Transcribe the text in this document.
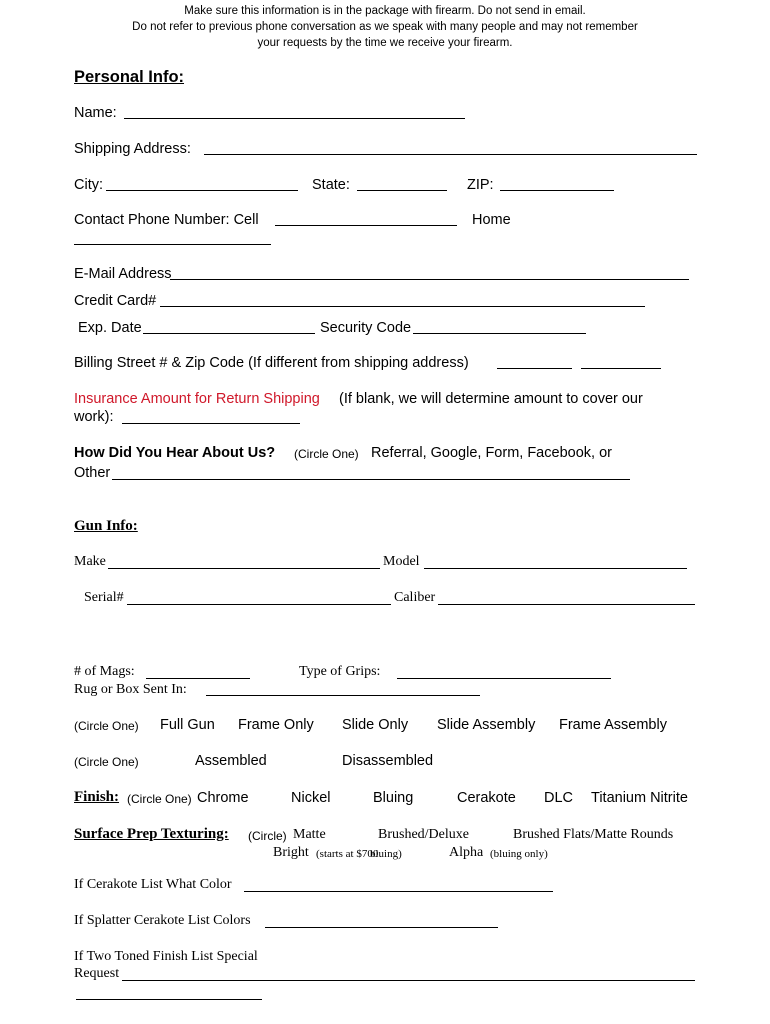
Make sure this information is in the package with firearm. Do not send in email.
Do not refer to previous phone conversation as we speak with many people and may not remember
your requests by the time we receive your firearm.
Personal Info:
Name:
Shipping Address:
City:	State:	ZIP:
Contact Phone Number: Cell	Home
E-Mail Address
Credit Card#
Exp. Date	Security Code
Billing Street # & Zip Code (If different from shipping address)
Insurance Amount for Return Shipping (If blank, we will determine amount to cover our
work):
How Did You Hear About Us? (Circle One) Referral, Google, Form, Facebook, or
Other
Gun Info:
Make	Model
Serial#	Caliber
# of Mags:	Type of Grips:
Rug or Box Sent In:
(Circle One) Full Gun Frame Only Slide Only Slide Assembly Frame Assembly
(Circle One)	Assembled	Disassembled
Finish: (Circle One) Chrome	Nickel	Bluing	Cerakote DLC Titanium Nitrite
Surface Prep Texturing: (Circle) Matte	Brushed/Deluxe	Brushed Flats/Matte Rounds
Bright (starts at $700
bluing)	Alpha (bluing only)
If Cerakote List What Color
If Splatter Cerakote List Colors
If Two Toned Finish List Special
Request
